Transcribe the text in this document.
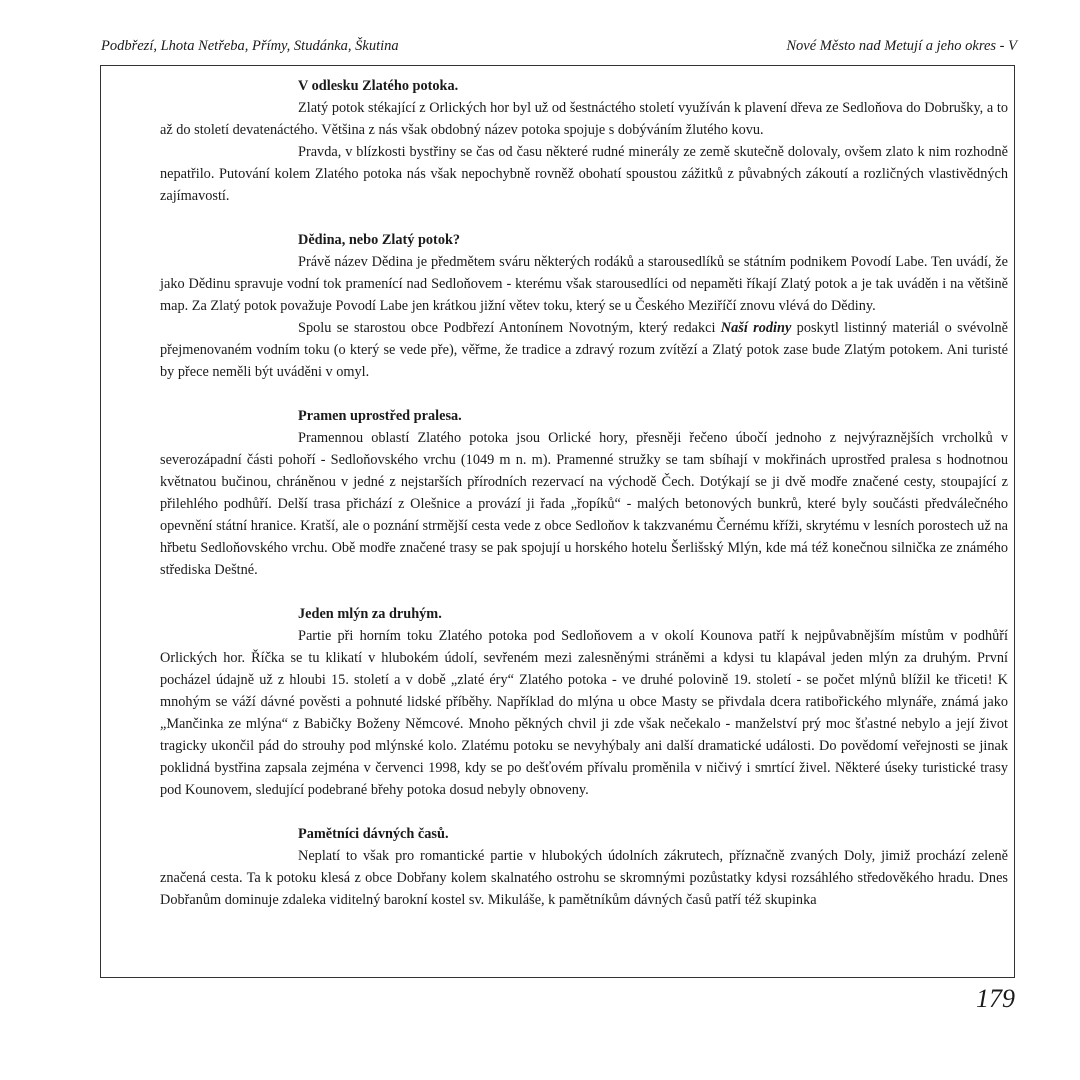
Podbřezí, Lhota Netřeba, Přímy, Studánka, Škutina	Nové Město nad Metují a jeho okres - V

V odlesku Zlatého potoka.

Zlatý potok stékající z Orlických hor byl už od šestnáctého století využíván k plavení dřeva ze Sedloňova do Dobrušky, a to až do století devatenáctého. Většina z nás však obdobný název potoka spojuje s dobýváním žlutého kovu.

Pravda, v blízkosti bystřiny se čas od času některé rudné minerály ze země skutečně dolovaly, ovšem zlato k nim rozhodně nepatřilo. Putování kolem Zlatého potoka nás však nepochybně rovněž obohatí spoustou zážitků z půvabných zákoutí a rozličných vlastivědných zajímavostí.

Dědina, nebo Zlatý potok?

Právě název Dědina je předmětem sváru některých rodáků a starousedlíků se státním podnikem Povodí Labe. Ten uvádí, že jako Dědinu spravuje vodní tok pramenící nad Sedloňovem - kterému však starousedlíci od nepaměti říkají Zlatý potok a je tak uváděn i na většině map. Za Zlatý potok považuje Povodí Labe jen krátkou jižní větev toku, který se u Českého Meziříčí znovu vlévá do Dědiny.

Spolu se starostou obce Podbřezí Antonínem Novotným, který redakci Naší rodiny poskytl listinný materiál o svévolně přejmenovaném vodním toku (o který se vede pře), věřme, že tradice a zdravý rozum zvítězí a Zlatý potok zase bude Zlatým potokem. Ani turisté by přece neměli být uváděni v omyl.

Pramen uprostřed pralesa.

Pramennou oblastí Zlatého potoka jsou Orlické hory, přesněji řečeno úbočí jednoho z nejvýraznějších vrcholků v severozápadní části pohoří - Sedloňovského vrchu (1049 m n. m). Pramenné stružky se tam sbíhají v mokřinách uprostřed pralesa s hodnotnou květnatou bučinou, chráněnou v jedné z nejstarších přírodních rezervací na východě Čech. Dotýkají se ji dvě modře značené cesty, stoupající z přilehlého podhůří. Delší trasa přichází z Olešnice a provází ji řada „řopíků“ - malých betonových bunkrů, které byly součásti předválečného opevnění státní hranice. Kratší, ale o poznání strmější cesta vede z obce Sedloňov k takzvanému Černému kříži, skrytému v lesních porostech už na hřbetu Sedloňovského vrchu. Obě modře značené trasy se pak spojují u horského hotelu Šerlišský Mlýn, kde má též konečnou silnička ze známého střediska Deštné.

Jeden mlýn za druhým.

Partie při horním toku Zlatého potoka pod Sedloňovem a v okolí Kounova patří k nejpůvabnějším místům v podhůří Orlických hor. Říčka se tu klikatí v hlubokém údolí, sevřeném mezi zalesněnými stráněmi a kdysi tu klapával jeden mlýn za druhým. První pocházel údajně už z hloubi 15. století a v době „zlaté éry“ Zlatého potoka - ve druhé polovině 19. století - se počet mlýnů blížil ke třiceti! K mnohým se váží dávné pověsti a pohnuté lidské příběhy. Například do mlýna u obce Masty se přivdala dcera ratibořického mlynáře, známá jako „Mančinka ze mlýna“ z Babičky Boženy Němcové. Mnoho pěkných chvil ji zde však nečekalo - manželství prý moc šťastné nebylo a její život tragicky ukončil pád do strouhy pod mlýnské kolo. Zlatému potoku se nevyhýbaly ani další dramatické události. Do povědomí veřejnosti se jinak poklidná bystřina zapsala zejména v červenci 1998, kdy se po dešťovém přívalu proměnila v ničivý i smrtící živel. Některé úseky turistické trasy pod Kounovem, sledující podebrané břehy potoka dosud nebyly obnoveny.

Pamětníci dávných časů.

Neplatí to však pro romantické partie v hlubokých údolních zákrutech, příznačně zvaných Doly, jimiž prochází zeleně značená cesta. Ta k potoku klesá z obce Dobřany kolem skalnatého ostrohu se skromnými pozůstatky kdysi rozsáhlého středověkého hradu. Dnes Dobřanům dominuje zdaleka viditelný barokní kostel sv. Mikuláše, k pamětníkům dávných časů patří též skupinka

179
